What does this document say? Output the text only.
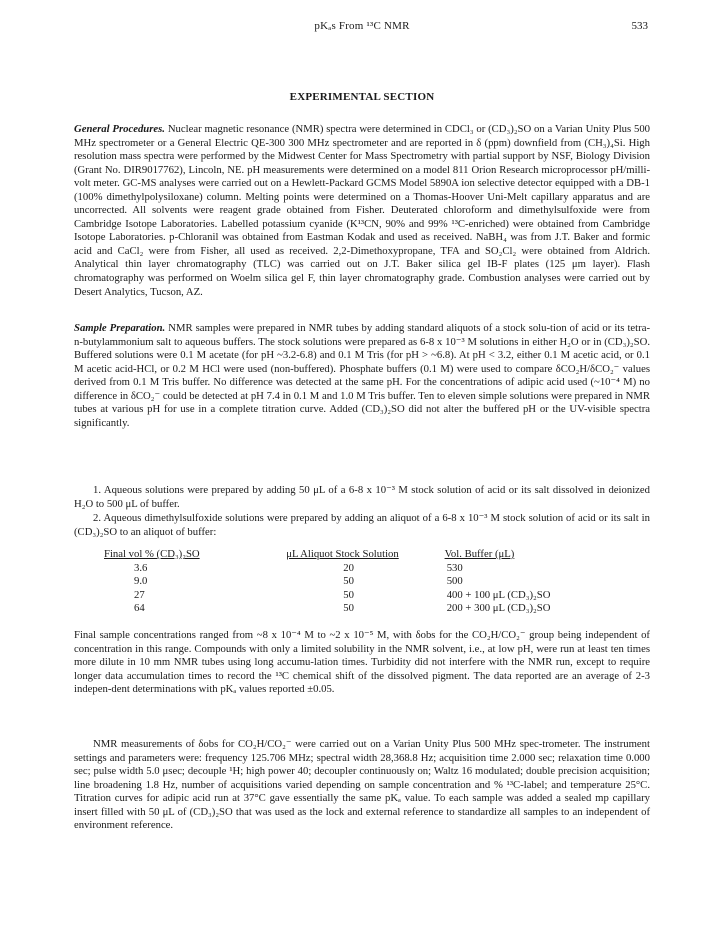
pKₐs From ¹³C NMR	533
EXPERIMENTAL SECTION

General Procedures. Nuclear magnetic resonance (NMR) spectra were determined in CDCl₃ or (CD₃)₂SO on a Varian Unity Plus 500 MHz spectrometer or a General Electric QE-300 300 MHz spectrometer and are reported in δ (ppm) downfield from (CH₃)₄Si. High resolution mass spectra were performed by the Midwest Center for Mass Spectrometry with partial support by NSF, Biology Division (Grant No. DIR9017762), Lincoln, NE. pH measurements were determined on a model 811 Orion Research microprocessor pH/milli-volt meter. GC-MS analyses were carried out on a Hewlett-Packard GCMS Model 5890A ion selective detector equipped with a DB-1 (100% dimethylpolysiloxane) column. Melting points were determined on a Thomas-Hoover Uni-Melt capillary apparatus and are uncorrected. All solvents were reagent grade obtained from Fisher. Deuterated chloroform and dimethylsulfoxide were from Cambridge Isotope Laboratories. Labelled potassium cyanide (K¹³CN, 90% and 99% ¹³C-enriched) were obtained from Cambridge Isotope Laboratories. p-Chloranil was obtained from Eastman Kodak and used as received. NaBH₄ was from J.T. Baker and formic acid and CaCl₂ were from Fisher, all used as received. 2,2-Dimethoxypropane, TFA and SO₂Cl₂ were obtained from Aldrich. Analytical thin layer chromatography (TLC) was carried out on J.T. Baker silica gel IB-F plates (125 μm layer). Flash chromatography was performed on Woelm silica gel F, thin layer chromatography grade. Combustion analyses were carried out by Desert Analytics, Tucson, AZ.

Sample Preparation. NMR samples were prepared in NMR tubes by adding standard aliquots of a stock solu-tion of acid or its tetra-n-butylammonium salt to aqueous buffers. The stock solutions were prepared as 6-8 x 10⁻³ M solutions in either H₂O or in (CD₃)₂SO. Buffered solutions were 0.1 M acetate (for pH ~3.2-6.8) and 0.1 M Tris (for pH > ~6.8). At pH < 3.2, either 0.1 M acetic acid, or 0.1 M acetic acid-HCl, or 0.2 M HCl were used (non-buffered). Phosphate buffers (0.1 M) were used to compare δCO₂H/δCO₂⁻ values derived from 0.1 M Tris buffer. No difference was detected at the same pH. For the concentrations of adipic acid used (~10⁻⁴ M) no difference in δCO₂⁻ could be detected at pH 7.4 in 0.1 M and 1.0 M Tris buffer. Ten to eleven simple solutions were prepared in NMR tubes at various pH for use in a complete titration curve. Added (CD₃)₂SO did not alter the buffered pH or the UV-visible spectra significantly.

1. Aqueous solutions were prepared by adding 50 μL of a 6-8 x 10⁻³ M stock solution of acid or its salt dissolved in deionized H₂O to 500 μL of buffer.

2. Aqueous dimethylsulfoxide solutions were prepared by adding an aliquot of a 6-8 x 10⁻³ M stock solution of acid or its salt in (CD₃)₂SO to an aliquot of buffer:

Final vol % (CD₃)₂SO	μL Aliquot Stock Solution	Vol. Buffer (μL)
3.6	20	530
9.0	50	500
27	50	400 + 100 μL (CD₃)₂SO
64	50	200 + 300 μL (CD₃)₂SO

Final sample concentrations ranged from ~8 x 10⁻⁴ M to ~2 x 10⁻⁵ M, with δobs for the CO₂H/CO₂⁻ group being independent of concentration in this range. Compounds with only a limited solubility in the NMR solvent, i.e., at low pH, were run at least ten times more dilute in 10 mm NMR tubes using long accumu-lation times. Turbidity did not interfere with the NMR run, except to require longer data accumulation times to record the ¹³C chemical shift of the dissolved pigment. The data reported are an average of 2-3 indepen-dent determinations with pKₐ values reported ±0.05.

NMR measurements of δobs for CO₂H/CO₂⁻ were carried out on a Varian Unity Plus 500 MHz spec-trometer. The instrument settings and parameters were: frequency 125.706 MHz; spectral width 28,368.8 Hz; acquisition time 2.000 sec; relaxation time 0.000 sec; pulse width 5.0 μsec; decouple ¹H; high power 40; decoupler continuously on; Waltz 16 modulated; double precision acquisition; line broadening 1.8 Hz, number of acquisitions varied depending on sample concentration and % ¹³C-label; and temperature 25°C. Titration curves for adipic acid run at 37°C gave essentially the same pKₐ value. To each sample was added a sealed mp capillary insert filled with 50 μL of (CD₃)₂SO that was used as the lock and external reference to standardize all samples to an independent of environment reference.
